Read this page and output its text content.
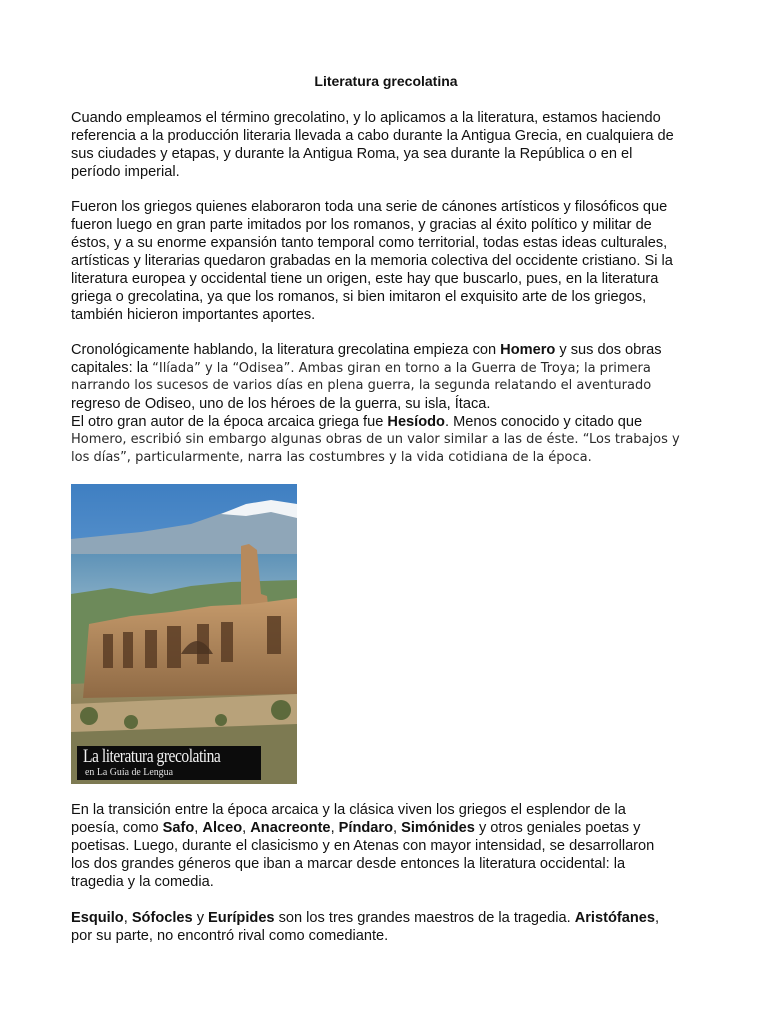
Literatura grecolatina
Cuando empleamos el término grecolatino, y lo aplicamos a la literatura, estamos haciendo
referencia a la producción literaria llevada a cabo durante la Antigua Grecia, en cualquiera de
sus ciudades y etapas, y durante la Antigua Roma, ya sea durante la República o en el
período imperial.
Fueron los griegos quienes elaboraron toda una serie de cánones artísticos y filosóficos que
fueron luego en gran parte imitados por los romanos, y gracias al éxito político y militar de
éstos, y a su enorme expansión tanto temporal como territorial, todas estas ideas culturales,
artísticas y literarias quedaron grabadas en la memoria colectiva del occidente cristiano. Si la
literatura europea y occidental tiene un origen, este hay que buscarlo, pues, en la literatura
griega o grecolatina, ya que los romanos, si bien imitaron el exquisito arte de los griegos,
también hicieron importantes aportes.
Cronológicamente hablando, la literatura grecolatina empieza con Homero y sus dos obras
capitales: la “Ilíada” y la “Odisea”. Ambas giran en torno a la Guerra de Troya; la primera
narrando los sucesos de varios días en plena guerra, la segunda relatando el aventurado
regreso de Odiseo, uno de los héroes de la guerra, su isla, Ítaca.
El otro gran autor de la época arcaica griega fue Hesíodo. Menos conocido y citado que
Homero, escribió sin embargo algunas obras de un valor similar a las de éste. “Los trabajos y
los días”, particularmente, narra las costumbres y la vida cotidiana de la época.
En la transición entre la época arcaica y la clásica viven los griegos el esplendor de la
poesía, como Safo, Alceo, Anacreonte, Píndaro, Simónides y otros geniales poetas y
poetisas. Luego, durante el clasicismo y en Atenas con mayor intensidad, se desarrollaron
los dos grandes géneros que iban a marcar desde entonces la literatura occidental: la
tragedia y la comedia.
Esquilo, Sófocles y Eurípides son los tres grandes maestros de la tragedia. Aristófanes,
por su parte, no encontró rival como comediante.
La literatura grecolatina
en La Guía de Lengua
